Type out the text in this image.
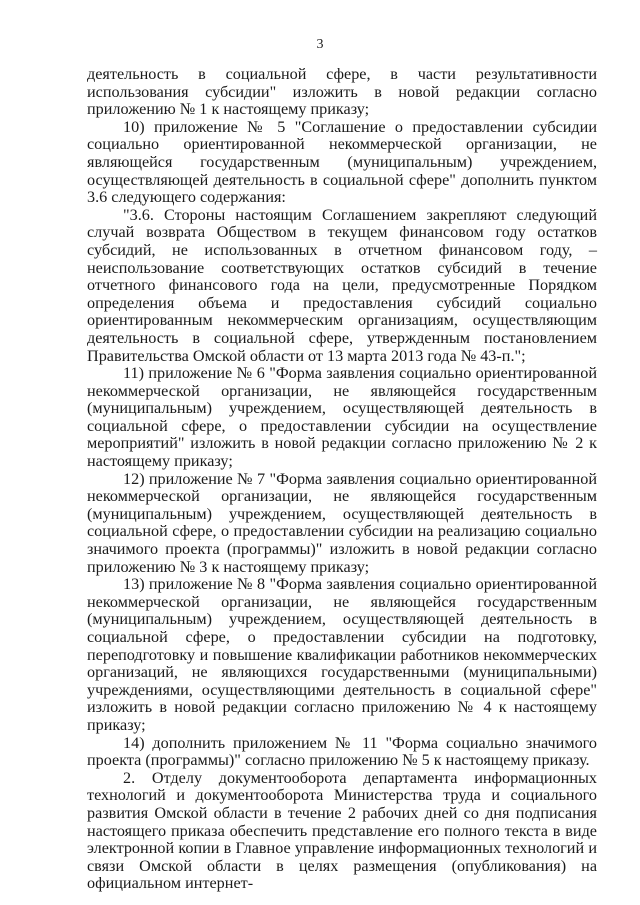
3

деятельность в социальной сфере, в части результативности использования субсидии" изложить в новой редакции согласно приложению № 1 к настоящему приказу;

10) приложение № 5 "Соглашение о предоставлении субсидии социально ориентированной некоммерческой организации, не являющейся государственным (муниципальным) учреждением, осуществляющей деятельность в социальной сфере" дополнить пунктом 3.6 следующего содержания:

"3.6. Стороны настоящим Соглашением закрепляют следующий случай возврата Обществом в текущем финансовом году остатков субсидий, не использованных в отчетном финансовом году, – неиспользование соответствующих остатков субсидий в течение отчетного финансового года на цели, предусмотренные Порядком определения объема и предоставления субсидий социально ориентированным некоммерческим организациям, осуществляющим деятельность в социальной сфере, утвержденным постановлением Правительства Омской области от 13 марта 2013 года № 43-п.";

11) приложение № 6 "Форма заявления социально ориентированной некоммерческой организации, не являющейся государственным (муниципальным) учреждением, осуществляющей деятельность в социальной сфере, о предоставлении субсидии на осуществление мероприятий" изложить в новой редакции согласно приложению № 2 к настоящему приказу;

12) приложение № 7 "Форма заявления социально ориентированной некоммерческой организации, не являющейся государственным (муниципальным) учреждением, осуществляющей деятельность в социальной сфере, о предоставлении субсидии на реализацию социально значимого проекта (программы)" изложить в новой редакции согласно приложению № 3 к настоящему приказу;

13) приложение № 8 "Форма заявления социально ориентированной некоммерческой организации, не являющейся государственным (муниципальным) учреждением, осуществляющей деятельность в социальной сфере, о предоставлении субсидии на подготовку, переподготовку и повышение квалификации работников некоммерческих организаций, не являющихся государственными (муниципальными) учреждениями, осуществляющими деятельность в социальной сфере" изложить в новой редакции согласно приложению № 4 к настоящему приказу;

14) дополнить приложением № 11 "Форма социально значимого проекта (программы)" согласно приложению № 5 к настоящему приказу.

2. Отделу документооборота департамента информационных технологий и документооборота Министерства труда и социального развития Омской области в течение 2 рабочих дней со дня подписания настоящего приказа обеспечить представление его полного текста в виде электронной копии в Главное управление информационных технологий и связи Омской области в целях размещения (опубликования) на официальном интернет-
